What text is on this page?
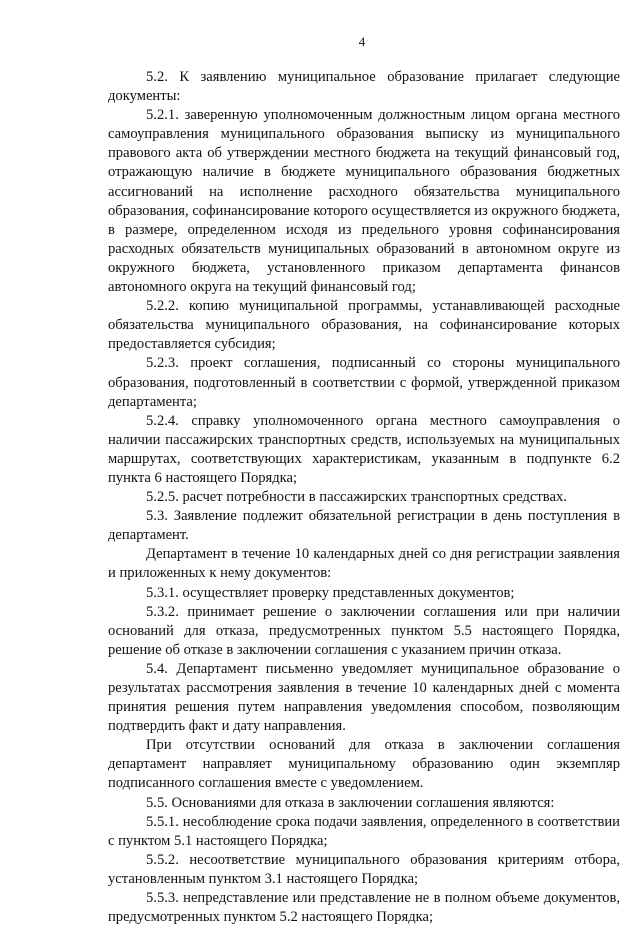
4

5.2. К заявлению муниципальное образование прилагает следующие документы:

5.2.1. заверенную уполномоченным должностным лицом органа местного самоуправления муниципального образования выписку из муниципального правового акта об утверждении местного бюджета на текущий финансовый год, отражающую наличие в бюджете муниципального образования бюджетных ассигнований на исполнение расходного обязательства муниципального образования, софинансирование которого осуществляется из окружного бюджета, в размере, определенном исходя из предельного уровня софинансирования расходных обязательств муниципальных образований в автономном округе из окружного бюджета, установленного приказом департамента финансов автономного округа на текущий финансовый год;

5.2.2. копию муниципальной программы, устанавливающей расходные обязательства муниципального образования, на софинансирование которых предоставляется субсидия;

5.2.3. проект соглашения, подписанный со стороны муниципального образования, подготовленный в соответствии с формой, утвержденной приказом департамента;

5.2.4. справку уполномоченного органа местного самоуправления о наличии пассажирских транспортных средств, используемых на муниципальных маршрутах, соответствующих характеристикам, указанным в подпункте 6.2 пункта 6 настоящего Порядка;

5.2.5. расчет потребности в пассажирских транспортных средствах.

5.3. Заявление подлежит обязательной регистрации в день поступления в департамент.

Департамент в течение 10 календарных дней со дня регистрации заявления и приложенных к нему документов:

5.3.1. осуществляет проверку представленных документов;

5.3.2. принимает решение о заключении соглашения или при наличии оснований для отказа, предусмотренных пунктом 5.5 настоящего Порядка, решение об отказе в заключении соглашения с указанием причин отказа.

5.4. Департамент письменно уведомляет муниципальное образование о результатах рассмотрения заявления в течение 10 календарных дней с момента принятия решения путем направления уведомления способом, позволяющим подтвердить факт и дату направления.

При отсутствии оснований для отказа в заключении соглашения департамент направляет муниципальному образованию один экземпляр подписанного соглашения вместе с уведомлением.

5.5. Основаниями для отказа в заключении соглашения являются:

5.5.1. несоблюдение срока подачи заявления, определенного в соответствии с пунктом 5.1 настоящего Порядка;

5.5.2. несоответствие муниципального образования критериям отбора, установленным пунктом 3.1 настоящего Порядка;

5.5.3. непредставление или представление не в полном объеме документов, предусмотренных пунктом 5.2 настоящего Порядка;
